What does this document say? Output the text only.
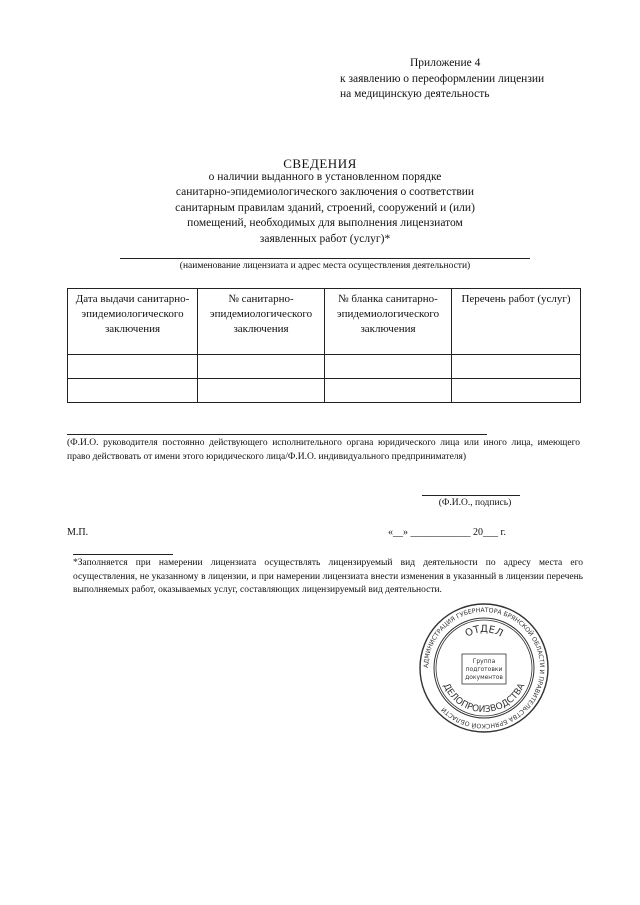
Приложение 4
к заявлению о переоформлении лицензии
на медицинскую деятельность
СВЕДЕНИЯ
о наличии выданного в установленном порядке
санитарно-эпидемиологического заключения о соответствии
санитарным правилам зданий, строений, сооружений и (или)
помещений, необходимых для выполнения лицензиатом
заявленных работ (услуг)*
(наименование лицензиата и адрес места осуществления деятельности)
Дата выдачи санитарно-эпидемиологического заключения	№ санитарно-эпидемиологического заключения	№ бланка санитарно-эпидемиологического заключения	Перечень работ (услуг)

(Ф.И.О. руководителя постоянно действующего исполнительного органа юридического лица или иного лица, имеющего право действовать от имени этого юридического лица/Ф.И.О. индивидуального предпринимателя)
(Ф.И.О., подпись)
М.П.	«__» ____________ 20___ г.
*Заполняется при намерении лицензиата осуществлять лицензируемый вид деятельности по адресу места его осуществления, не указанному в лицензии, и при намерении лицензиата внести изменения в указанный в лицензии перечень выполняемых работ, оказываемых услуг, составляющих лицензируемый вид деятельности.
АДМИНИСТРАЦИЯ ГУБЕРНАТОРА БРЯНСКОЙ ОБЛАСТИ И ПРАВИТЕЛЬСТВА БРЯНСКОЙ ОБЛАСТИ
ОТДЕЛ
ДЕЛОПРОИЗВОДСТВА
Группа
подготовки
документов
